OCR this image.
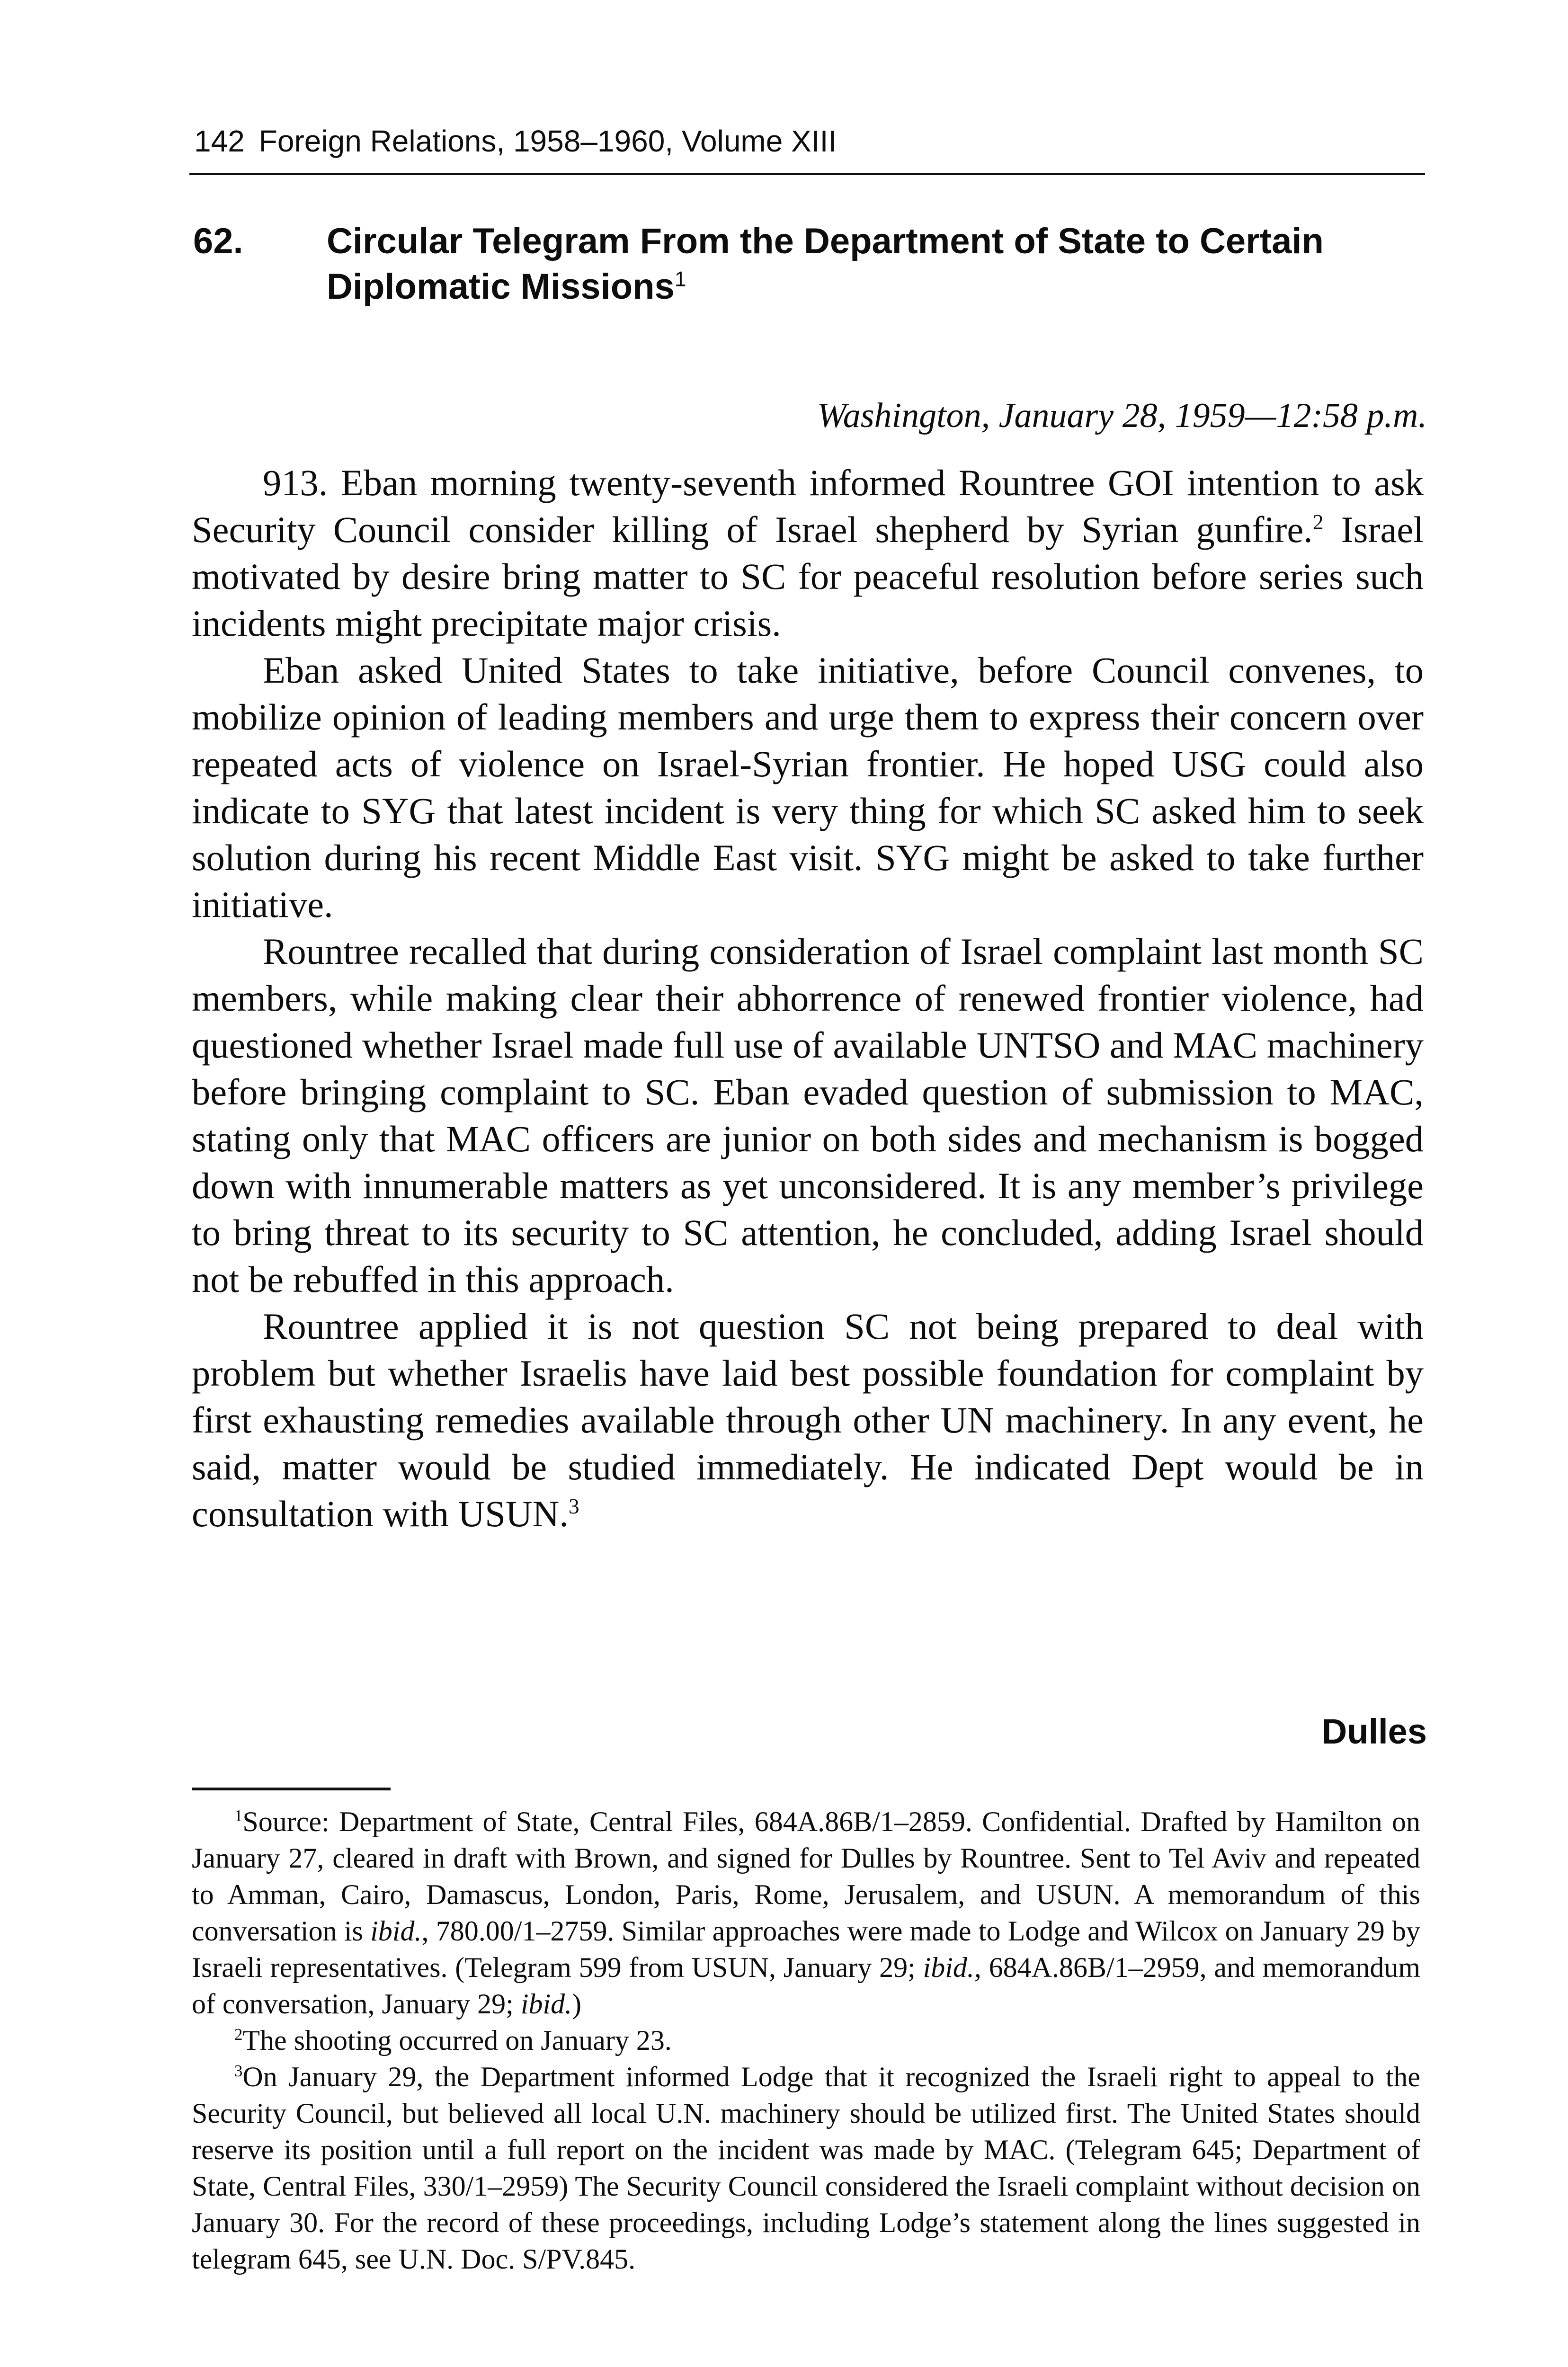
142 Foreign Relations, 1958–1960, Volume XIII
62. Circular Telegram From the Department of State to Certain Diplomatic Missions$^1$
Washington, January 28, 1959—12:58 p.m.

913. Eban morning twenty-seventh informed Rountree GOI intention to ask Security Council consider killing of Israel shepherd by Syrian gunfire.$^2$ Israel motivated by desire bring matter to SC for peaceful resolution before series such incidents might precipitate major crisis.

Eban asked United States to take initiative, before Council convenes, to mobilize opinion of leading members and urge them to express their concern over repeated acts of violence on Israel-Syrian frontier. He hoped USG could also indicate to SYG that latest incident is very thing for which SC asked him to seek solution during his recent Middle East visit. SYG might be asked to take further initiative.

Rountree recalled that during consideration of Israel complaint last month SC members, while making clear their abhorrence of renewed frontier violence, had questioned whether Israel made full use of available UNTSO and MAC machinery before bringing complaint to SC. Eban evaded question of submission to MAC, stating only that MAC officers are junior on both sides and mechanism is bogged down with innumerable matters as yet unconsidered. It is any member’s privilege to bring threat to its security to SC attention, he concluded, adding Israel should not be rebuffed in this approach.

Rountree applied it is not question SC not being prepared to deal with problem but whether Israelis have laid best possible foundation for complaint by first exhausting remedies available through other UN machinery. In any event, he said, matter would be studied immediately. He indicated Dept would be in consultation with USUN.$^3$

Dulles

$^1$Source: Department of State, Central Files, 684A.86B/1–2859. Confidential. Drafted by Hamilton on January 27, cleared in draft with Brown, and signed for Dulles by Rountree. Sent to Tel Aviv and repeated to Amman, Cairo, Damascus, London, Paris, Rome, Jerusalem, and USUN. A memorandum of this conversation is ibid., 780.00/1–2759. Similar approaches were made to Lodge and Wilcox on January 29 by Israeli representatives. (Telegram 599 from USUN, January 29; ibid., 684A.86B/1–2959, and memorandum of conversation, January 29; ibid.)

$^2$The shooting occurred on January 23.

$^3$On January 29, the Department informed Lodge that it recognized the Israeli right to appeal to the Security Council, but believed all local U.N. machinery should be utilized first. The United States should reserve its position until a full report on the incident was made by MAC. (Telegram 645; Department of State, Central Files, 330/1–2959) The Security Council considered the Israeli complaint without decision on January 30. For the record of these proceedings, including Lodge’s statement along the lines suggested in telegram 645, see U.N. Doc. S/PV.845.
